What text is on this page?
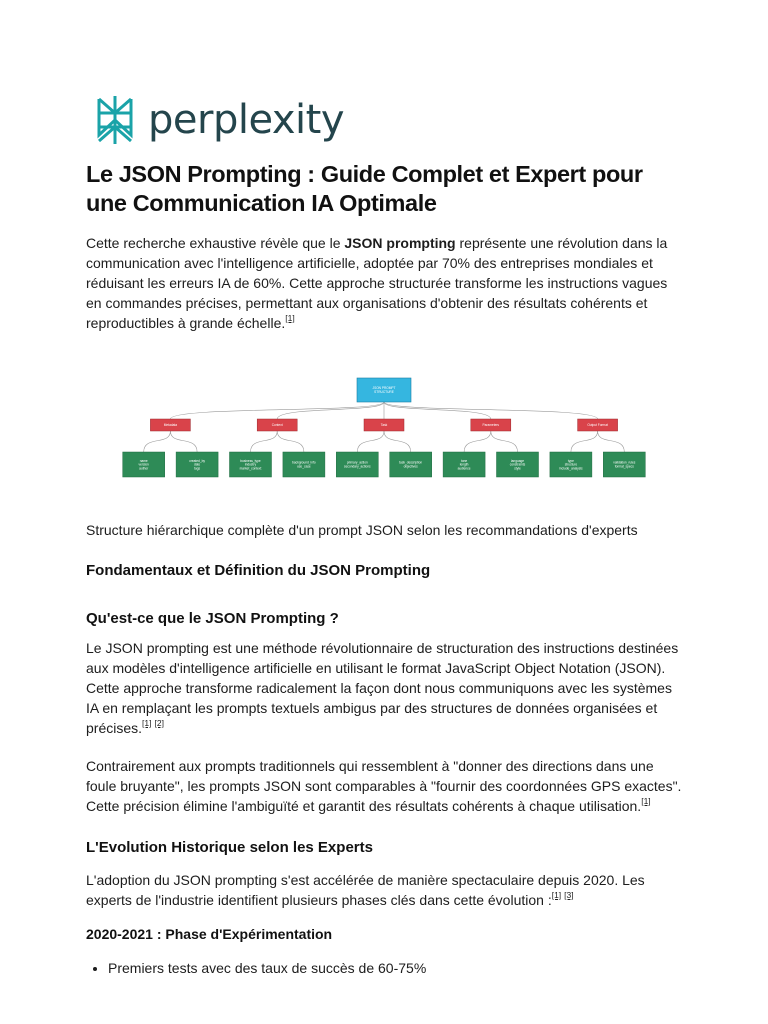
perplexity
Le JSON Prompting : Guide Complet et Expert pour une Communication IA Optimale

Cette recherche exhaustive révèle que le JSON prompting représente une révolution dans la communication avec l'intelligence artificielle, adoptée par 70% des entreprises mondiales et réduisant les erreurs IA de 60%. Cette approche structurée transforme les instructions vagues en commandes précises, permettant aux organisations d'obtenir des résultats cohérents et reproductibles à grande échelle.[1]

JSON PROMPT
STRUCTURE
Metadata
name
version
author
created_by
date
tags
Context
business_type
industry
market_context
background_info
use_case
Task
primary_action
secondary_actions
task_description
objectives
Parameters
tone
length
audience
language
constraints
style
Output Format
type
structure
include_analysis
validation_rules
format_specs

Structure hiérarchique complète d'un prompt JSON selon les recommandations d'experts

Fondamentaux et Définition du JSON Prompting
Qu'est-ce que le JSON Prompting ?

Le JSON prompting est une méthode révolutionnaire de structuration des instructions destinées aux modèles d'intelligence artificielle en utilisant le format JavaScript Object Notation (JSON). Cette approche transforme radicalement la façon dont nous communiquons avec les systèmes IA en remplaçant les prompts textuels ambigus par des structures de données organisées et précises.[1] [2]

Contrairement aux prompts traditionnels qui ressemblent à "donner des directions dans une foule bruyante", les prompts JSON sont comparables à "fournir des coordonnées GPS exactes". Cette précision élimine l'ambiguïté et garantit des résultats cohérents à chaque utilisation.[1]

L'Evolution Historique selon les Experts

L'adoption du JSON prompting s'est accélérée de manière spectaculaire depuis 2020. Les experts de l'industrie identifient plusieurs phases clés dans cette évolution :[1] [3]

2020-2021 : Phase d'Expérimentation
• Premiers tests avec des taux de succès de 60-75%
